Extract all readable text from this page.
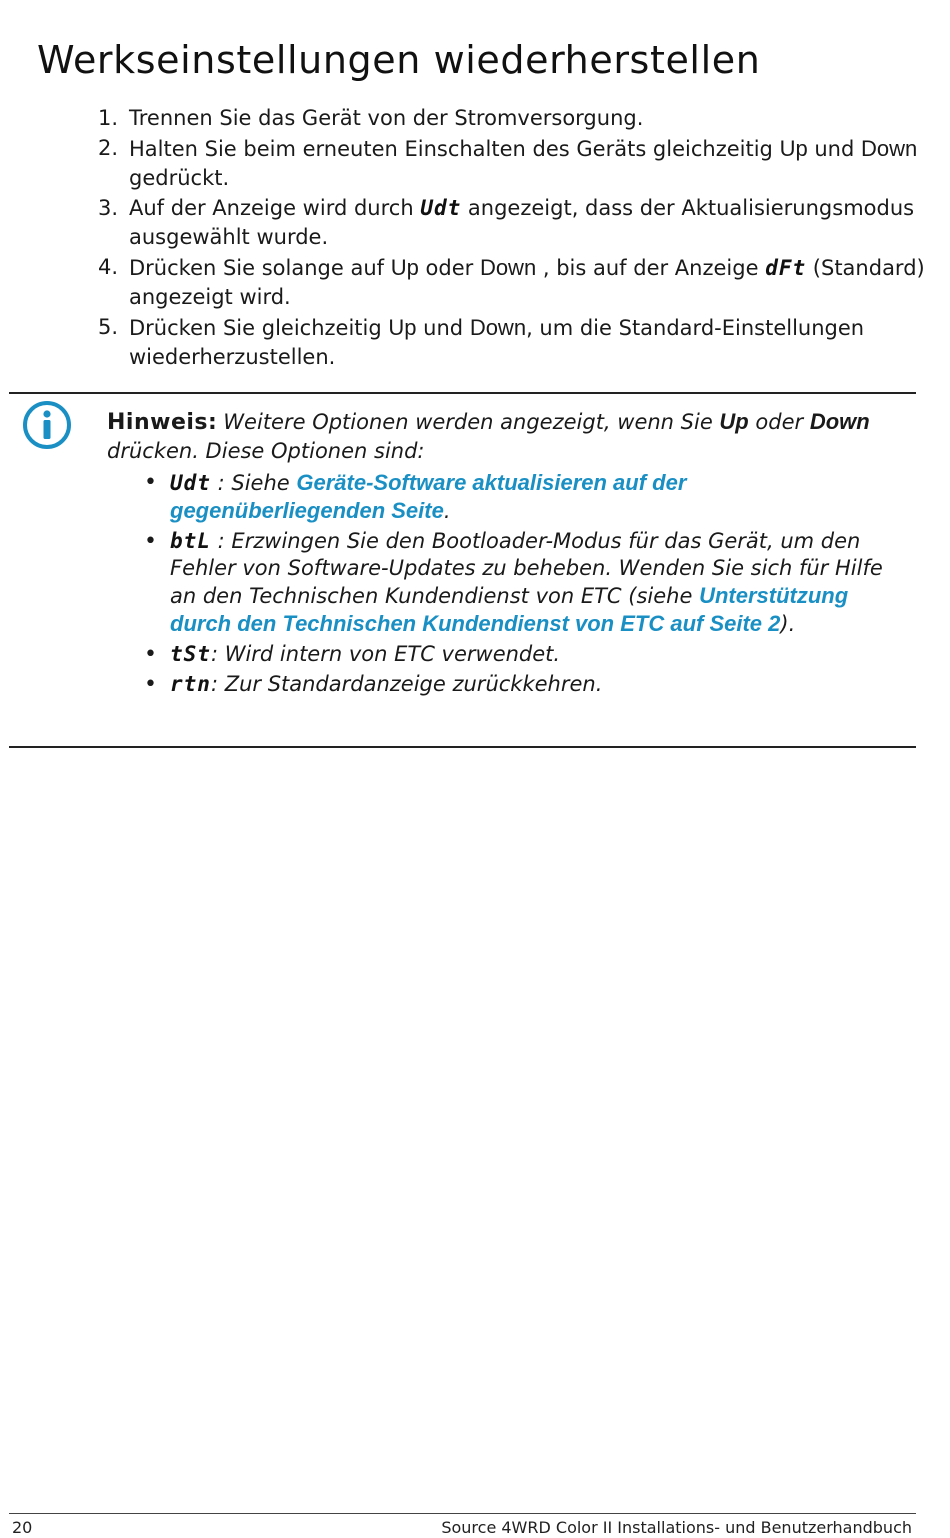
Werkseinstellungen wiederherstellen
1. Trennen Sie das Gerät von der Stromversorgung.
2. Halten Sie beim erneuten Einschalten des Geräts gleichzeitig Up und Down gedrückt.
3. Auf der Anzeige wird durch Udt angezeigt, dass der Aktualisierungsmodus ausgewählt wurde.
4. Drücken Sie solange auf Up oder Down , bis auf der Anzeige dFt (Standard) angezeigt wird.
5. Drücken Sie gleichzeitig Up und Down, um die Standard-Einstellungen wiederherzustellen.
Hinweis: Weitere Optionen werden angezeigt, wenn Sie Up oder Down drücken. Diese Optionen sind:
• Udt : Siehe Geräte-Software aktualisieren auf der gegenüberliegenden Seite.
• btL : Erzwingen Sie den Bootloader-Modus für das Gerät, um den Fehler von Software-Updates zu beheben. Wenden Sie sich für Hilfe an den Technischen Kundendienst von ETC (siehe Unterstützung durch den Technischen Kundendienst von ETC auf Seite 2).
• tSt: Wird intern von ETC verwendet.
• rtn: Zur Standardanzeige zurückkehren.
20	Source 4WRD Color II Installations- und Benutzerhandbuch
